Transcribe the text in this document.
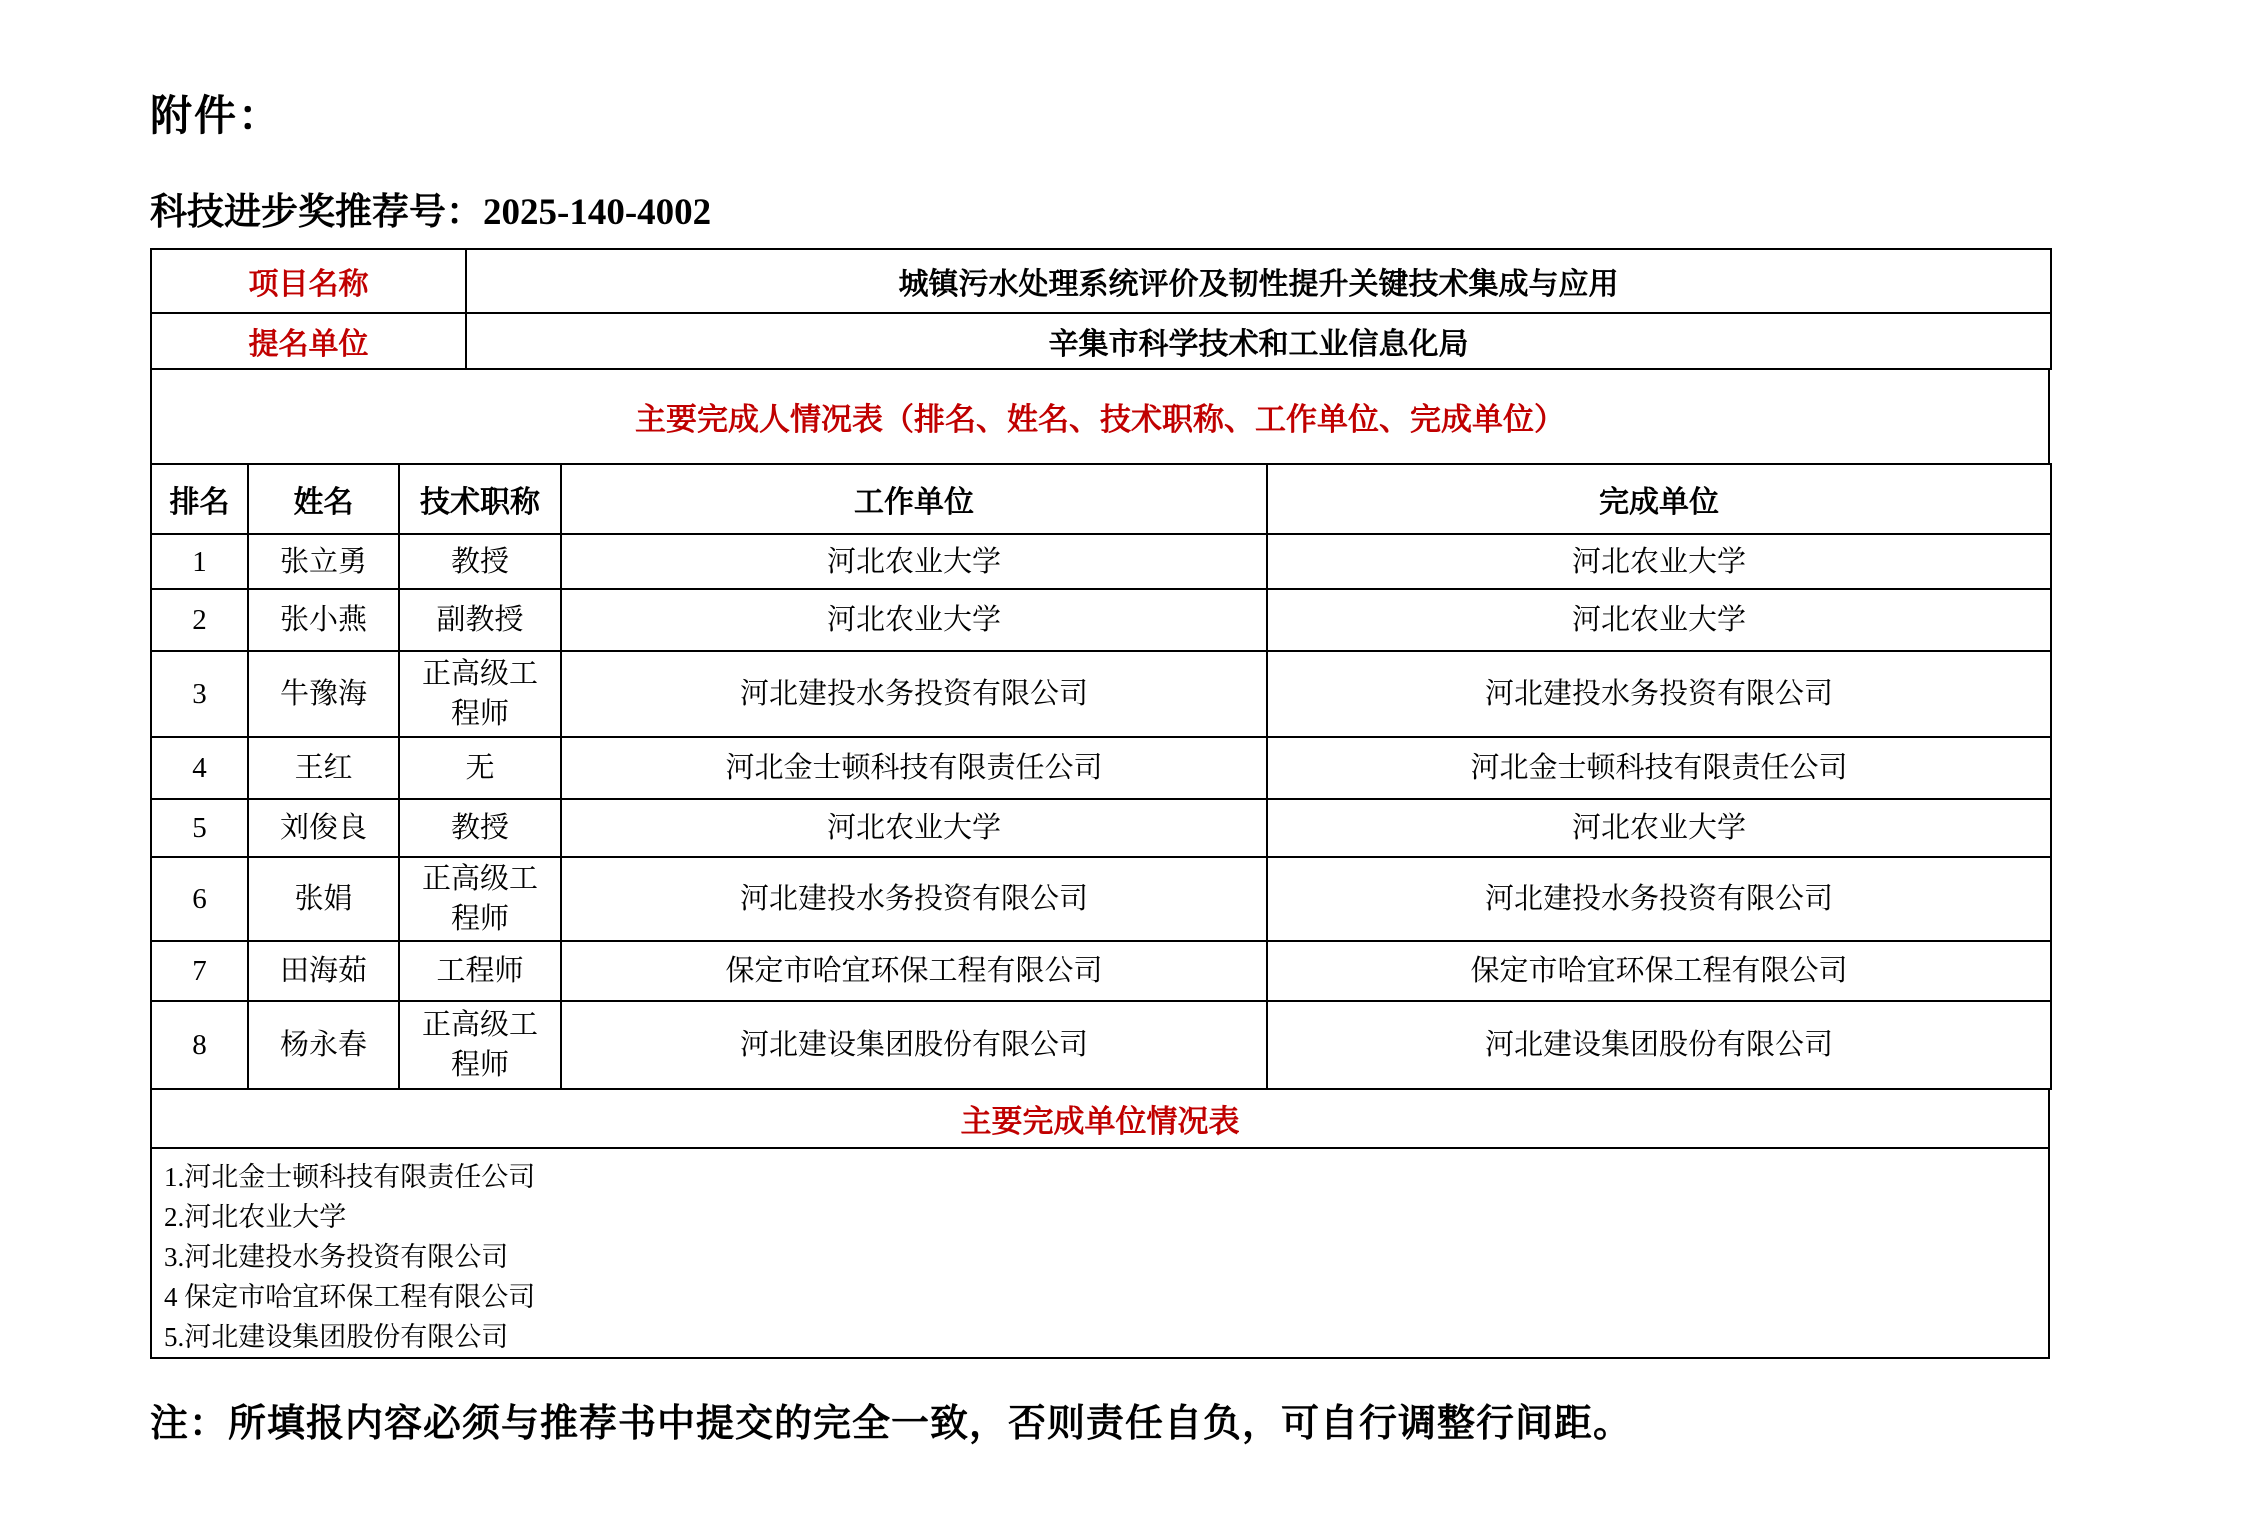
附件：
科技进步奖推荐号：2025-140-4002
项目名称	城镇污水处理系统评价及韧性提升关键技术集成与应用
提名单位	辛集市科学技术和工业信息化局
主要完成人情况表（排名、姓名、技术职称、工作单位、完成单位）
排名	姓名	技术职称	工作单位	完成单位
1	张立勇	教授	河北农业大学	河北农业大学
2	张小燕	副教授	河北农业大学	河北农业大学
3	牛豫海	正高级工程师	河北建投水务投资有限公司	河北建投水务投资有限公司
4	王红	无	河北金士顿科技有限责任公司	河北金士顿科技有限责任公司
5	刘俊良	教授	河北农业大学	河北农业大学
6	张娟	正高级工程师	河北建投水务投资有限公司	河北建投水务投资有限公司
7	田海茹	工程师	保定市哈宜环保工程有限公司	保定市哈宜环保工程有限公司
8	杨永春	正高级工程师	河北建设集团股份有限公司	河北建设集团股份有限公司
主要完成单位情况表
1.河北金士顿科技有限责任公司
2.河北农业大学
3.河北建投水务投资有限公司
4 保定市哈宜环保工程有限公司
5.河北建设集团股份有限公司
注：所填报内容必须与推荐书中提交的完全一致，否则责任自负，可自行调整行间距。
